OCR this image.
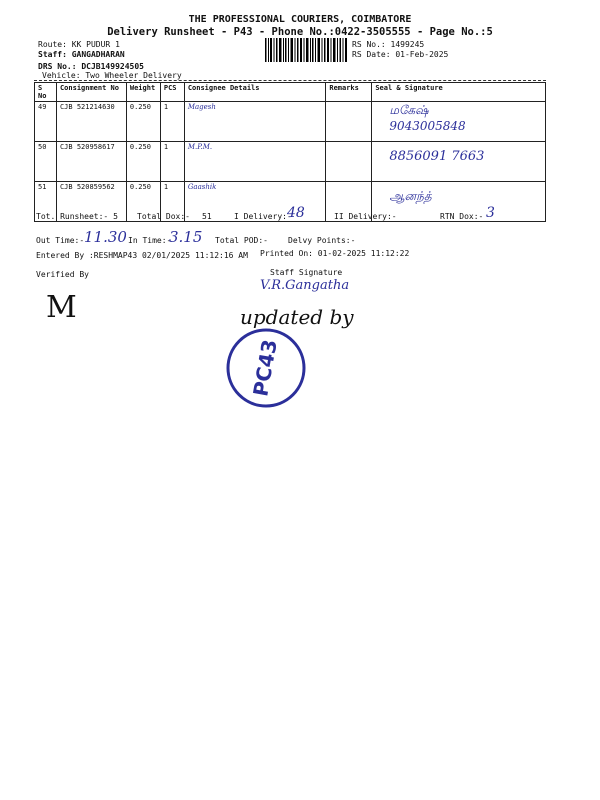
THE PROFESSIONAL COURIERS, COIMBATORE
Delivery Runsheet - P43 - Phone No.:0422-3505555 - Page No.:5
Route: KK PUDUR 1
Staff: GANGADHARAN
DRS No.: DCJB149924505
Vehicle: Two Wheeler Delivery
RS No.: 1499245
RS Date: 01-Feb-2025
S No	Consignment No	Weight	PCS	Consignee Details	Remarks	Seal & Signature
49	CJB 521214630	0.250	1	Magesh		மகேஷ்
9043005848

50	CJB 520958617	0.250	1	M.P.M.		8856091 7663

51	CJB 520859562	0.250	1	Gaashik		ஆனந்த்
Tot. Runsheet:- 5 Total Dox:- 51	I Delivery:-
48	II Delivery:-	RTN Dox:- 3
Out Time:- 11.30 In Time:-
3.15 Total POD:-	Delvy Points:-
Entered By :RESHMAP43 02/01/2025 11:12:16 AM Printed On: 01-02-2025 11:12:22
Verified By	Staff Signature
V.R.Gangatha
M	updated by
PC43
